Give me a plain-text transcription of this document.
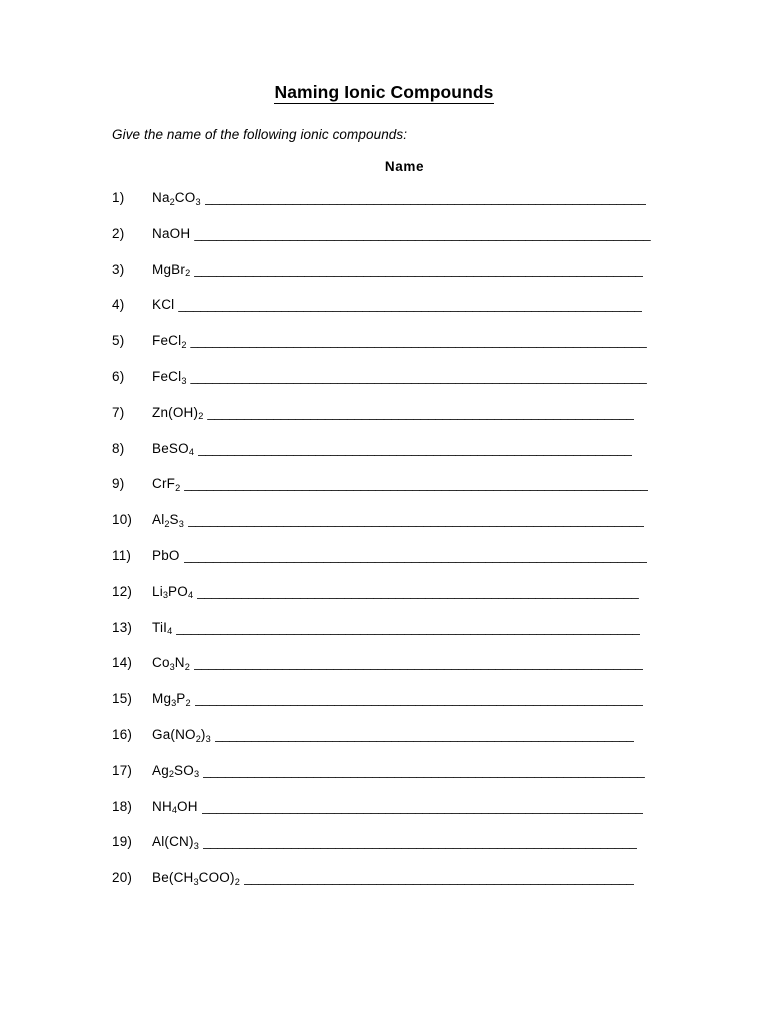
Naming Ionic Compounds
Give the name of the following ionic compounds:
Name
1)	$Na_2CO_3$ ____________________________________________________________
2)	NaOH ______________________________________________________________
3)	MgBr$_2$ _____________________________________________________________
4)	KCl _______________________________________________________________
5)	FeCl$_2$ ______________________________________________________________
6)	FeCl$_3$ ______________________________________________________________
7)	$Zn(OH)_2$ __________________________________________________________
8)	BeSO$_4$ ___________________________________________________________
9)	CrF$_2$ _______________________________________________________________
10)	$Al_2S_3$ ______________________________________________________________
11)	PbO _______________________________________________________________
12)	$Li_3PO_4$ ____________________________________________________________
13)	TiI$_4$ _______________________________________________________________
14)	$Co_3N_2$ _____________________________________________________________
15)	$Mg_3P_2$ _____________________________________________________________
16)	$Ga(NO_2)_3$ _________________________________________________________
17)	$Ag_2SO_3$ ____________________________________________________________
18)	$NH_4OH$ ____________________________________________________________
19)	$Al(CN)_3$ ___________________________________________________________
20)	$Be(CH_3COO)_2$ _____________________________________________________
